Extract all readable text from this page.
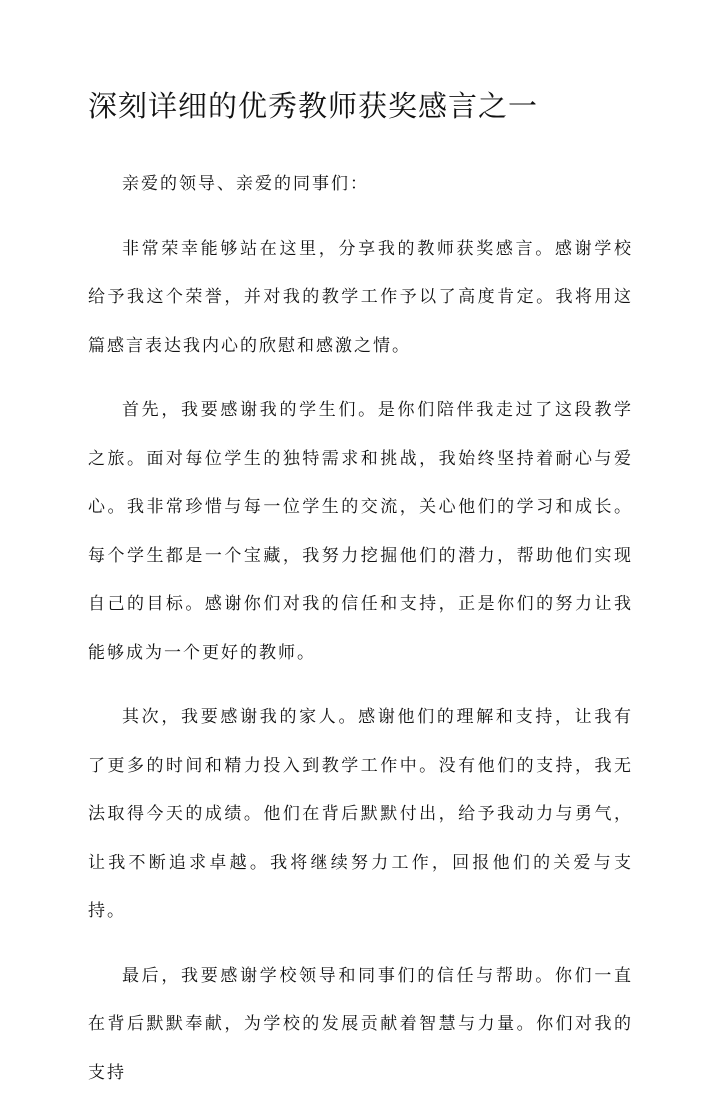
深刻详细的优秀教师获奖感言之一

亲爱的领导、亲爱的同事们：

非常荣幸能够站在这里，分享我的教师获奖感言。感谢学校给予我这个荣誉，并对我的教学工作予以了高度肯定。我将用这篇感言表达我内心的欣慰和感激之情。

首先，我要感谢我的学生们。是你们陪伴我走过了这段教学之旅。面对每位学生的独特需求和挑战，我始终坚持着耐心与爱心。我非常珍惜与每一位学生的交流，关心他们的学习和成长。每个学生都是一个宝藏，我努力挖掘他们的潜力，帮助他们实现自己的目标。感谢你们对我的信任和支持，正是你们的努力让我能够成为一个更好的教师。

其次，我要感谢我的家人。感谢他们的理解和支持，让我有了更多的时间和精力投入到教学工作中。没有他们的支持，我无法取得今天的成绩。他们在背后默默付出，给予我动力与勇气，让我不断追求卓越。我将继续努力工作，回报他们的关爱与支持。

最后，我要感谢学校领导和同事们的信任与帮助。你们一直在背后默默奉献，为学校的发展贡献着智慧与力量。你们对我的支持
